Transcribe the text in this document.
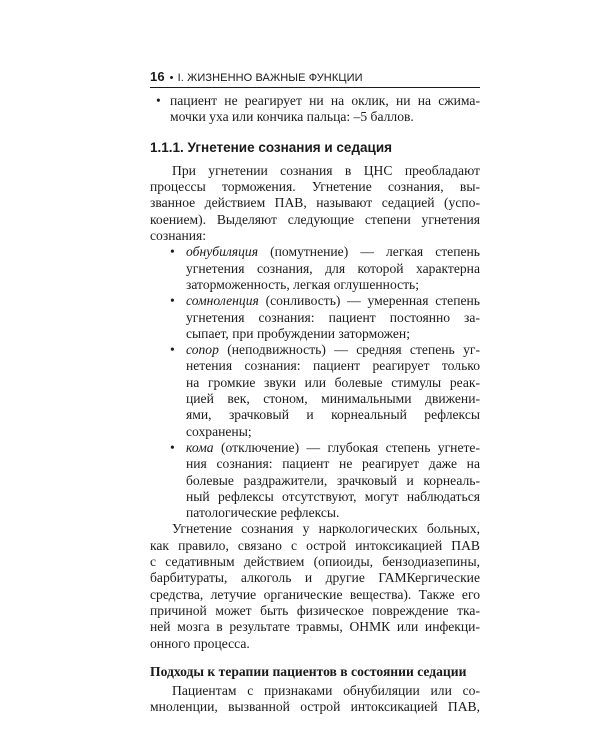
16 • I. ЖИЗНЕННО ВАЖНЫЕ ФУНКЦИИ
• пациент не реагирует ни на оклик, ни на сжима-
мочки уха или кончика пальца: –5 баллов.
1.1.1. Угнетение сознания и седация
При угнетении сознания в ЦНС преобладают
процессы торможения. Угнетение сознания, вы-
званное действием ПАВ, называют седацией (успо-
коением). Выделяют следующие степени угнетения
сознания:
• обнубиляция (помутнение) — легкая степень
угнетения сознания, для которой характерна
заторможенность, легкая оглушенность;
• сомноленция (сонливость) — умеренная степень
угнетения сознания: пациент постоянно за-
сыпает, при пробуждении заторможен;
• сопор (неподвижность) — средняя степень уг-
нетения сознания: пациент реагирует только
на громкие звуки или болевые стимулы реак-
цией век, стоном, минимальными движени-
ями, зрачковый и корнеальный рефлексы
сохранены;
• кома (отключение) — глубокая степень угнете-
ния сознания: пациент не реагирует даже на
болевые раздражители, зрачковый и корнеаль-
ный рефлексы отсутствуют, могут наблюдаться
патологические рефлексы.
Угнетение сознания у наркологических больных,
как правило, связано с острой интоксикацией ПАВ
с седативным действием (опиоиды, бензодиазепины,
барбитураты, алкоголь и другие ГАМКергические
средства, летучие органические вещества). Также его
причиной может быть физическое повреждение тка-
ней мозга в результате травмы, ОНМК или инфекци-
онного процесса.
Подходы к терапии пациентов в состоянии седации
Пациентам с признаками обнубиляции или со-
мноленции, вызванной острой интоксикацией ПАВ,
